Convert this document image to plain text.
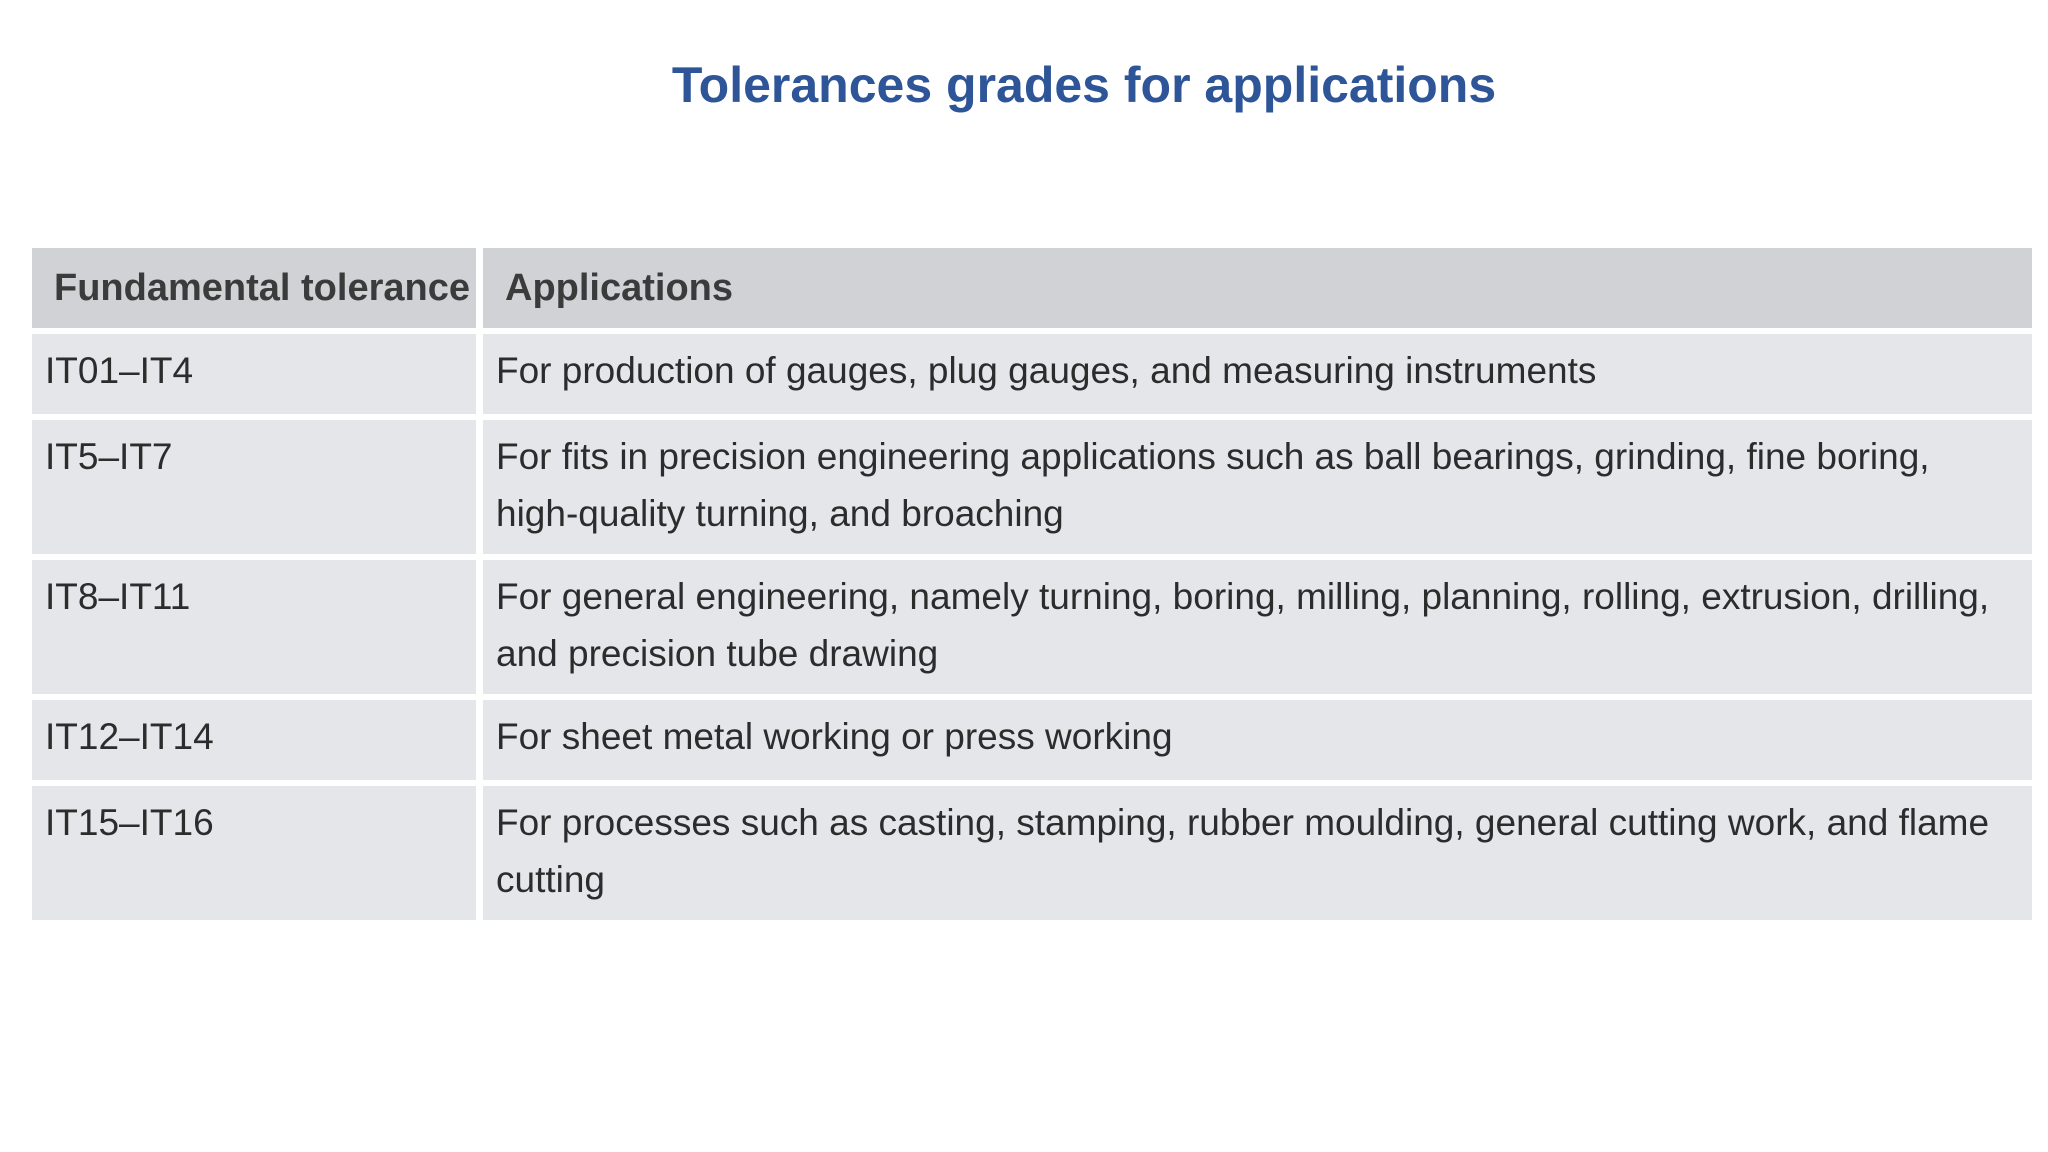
Tolerances grades for applications
Fundamental tolerance	Applications
IT01–IT4	For production of gauges, plug gauges, and measuring instruments
IT5–IT7	For fits in precision engineering applications such as ball bearings, grinding, fine boring, high-quality turning, and broaching
IT8–IT11	For general engineering, namely turning, boring, milling, planning, rolling, extrusion, drilling, and precision tube drawing
IT12–IT14	For sheet metal working or press working
IT15–IT16	For processes such as casting, stamping, rubber moulding, general cutting work, and flame cutting
